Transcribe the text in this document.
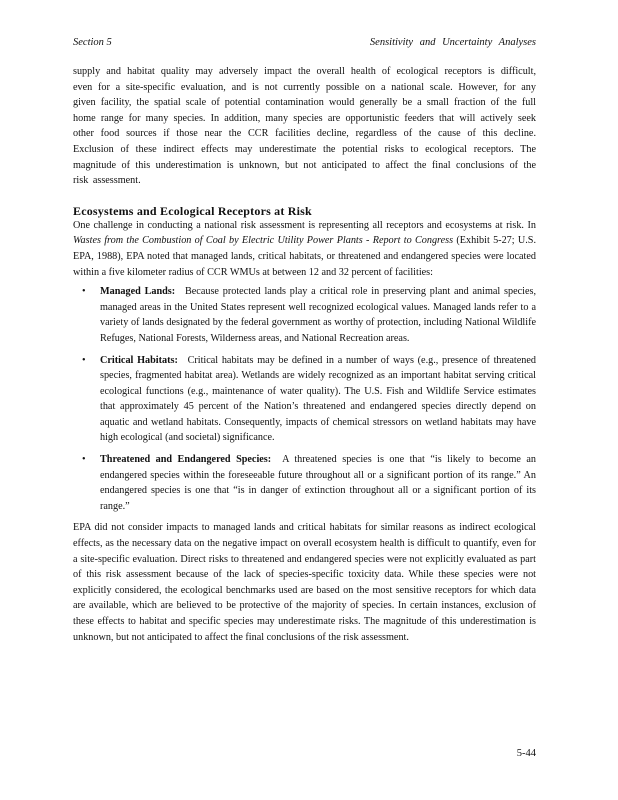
Section 5	Sensitivity and Uncertainty Analyses

supply and habitat quality may adversely impact the overall health of ecological receptors is difficult, even for a site-specific evaluation, and is not currently possible on a national scale. However, for any given facility, the spatial scale of potential contamination would generally be a small fraction of the full home range for many species. In addition, many species are opportunistic feeders that will actively seek other food sources if those near the CCR facilities decline, regardless of the cause of this decline. Exclusion of these indirect effects may underestimate the potential risks to ecological receptors. The magnitude of this underestimation is unknown, but not anticipated to affect the final conclusions of the risk assessment.

Ecosystems and Ecological Receptors at Risk

One challenge in conducting a national risk assessment is representing all receptors and ecosystems at risk. In Wastes from the Combustion of Coal by Electric Utility Power Plants - Report to Congress (Exhibit 5-27; U.S. EPA, 1988), EPA noted that managed lands, critical habitats, or threatened and endangered species were located within a five kilometer radius of CCR WMUs at between 12 and 32 percent of facilities:

• Managed Lands: Because protected lands play a critical role in preserving plant and animal species, managed areas in the United States represent well recognized ecological values. Managed lands refer to a variety of lands designated by the federal government as worthy of protection, including National Wildlife Refuges, National Forests, Wilderness areas, and National Recreation areas.
• Critical Habitats: Critical habitats may be defined in a number of ways (e.g., presence of threatened species, fragmented habitat area). Wetlands are widely recognized as an important habitat serving critical ecological functions (e.g., maintenance of water quality). The U.S. Fish and Wildlife Service estimates that approximately 45 percent of the Nation’s threatened and endangered species directly depend on aquatic and wetland habitats. Consequently, impacts of chemical stressors on wetland habitats may have high ecological (and societal) significance.
• Threatened and Endangered Species: A threatened species is one that “is likely to become an endangered species within the foreseeable future throughout all or a significant portion of its range.” An endangered species is one that “is in danger of extinction throughout all or a significant portion of its range.”

EPA did not consider impacts to managed lands and critical habitats for similar reasons as indirect ecological effects, as the necessary data on the negative impact on overall ecosystem health is difficult to quantify, even for a site-specific evaluation. Direct risks to threatened and endangered species were not explicitly evaluated as part of this risk assessment because of the lack of species-specific toxicity data. While these species were not explicitly considered, the ecological benchmarks used are based on the most sensitive receptors for which data are available, which are believed to be protective of the majority of species. In certain instances, exclusion of these effects to habitat and specific species may underestimate risks. The magnitude of this underestimation is unknown, but not anticipated to affect the final conclusions of the risk assessment.

5-44
